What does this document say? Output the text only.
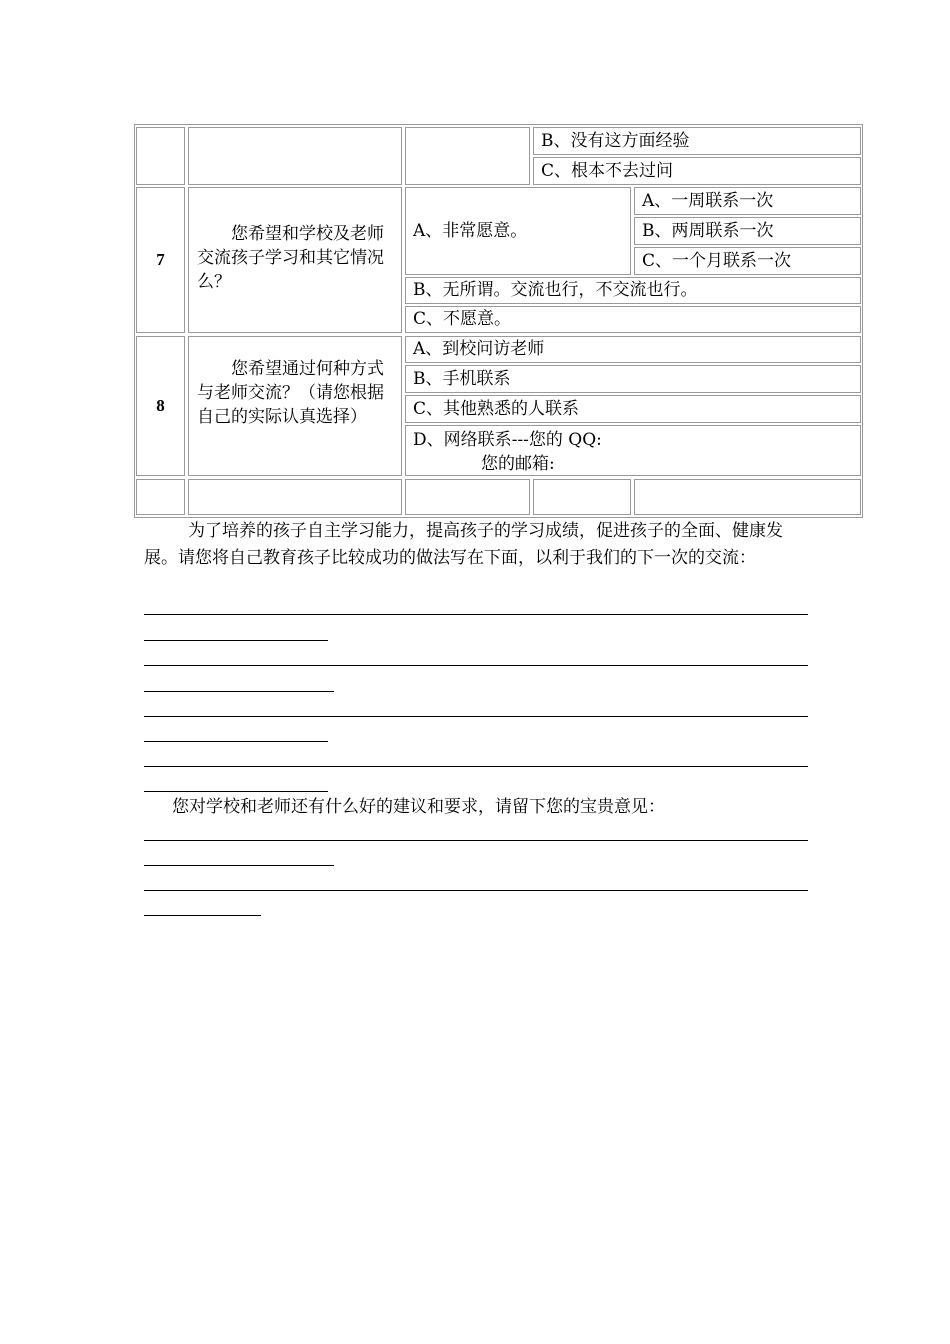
B、没有这方面经验
C、根本不去过问
7
您希望和学校及老师交流孩子学习和其它情况么？
A、非常愿意。
A、一周联系一次
B、两周联系一次
C、一个月联系一次
B、无所谓。交流也行，不交流也行。
C、不愿意。
8
您希望通过何种方式与老师交流？（请您根据自己的实际认真选择）
A、到校问访老师
B、手机联系
C、其他熟悉的人联系
D、网络联系---您的 QQ:
您的邮箱:
为了培养的孩子自主学习能力，提高孩子的学习成绩，促进孩子的全面、健康发展。请您将自己教育孩子比较成功的做法写在下面，以利于我们的下一次的交流：
您对学校和老师还有什么好的建议和要求，请留下您的宝贵意见：
